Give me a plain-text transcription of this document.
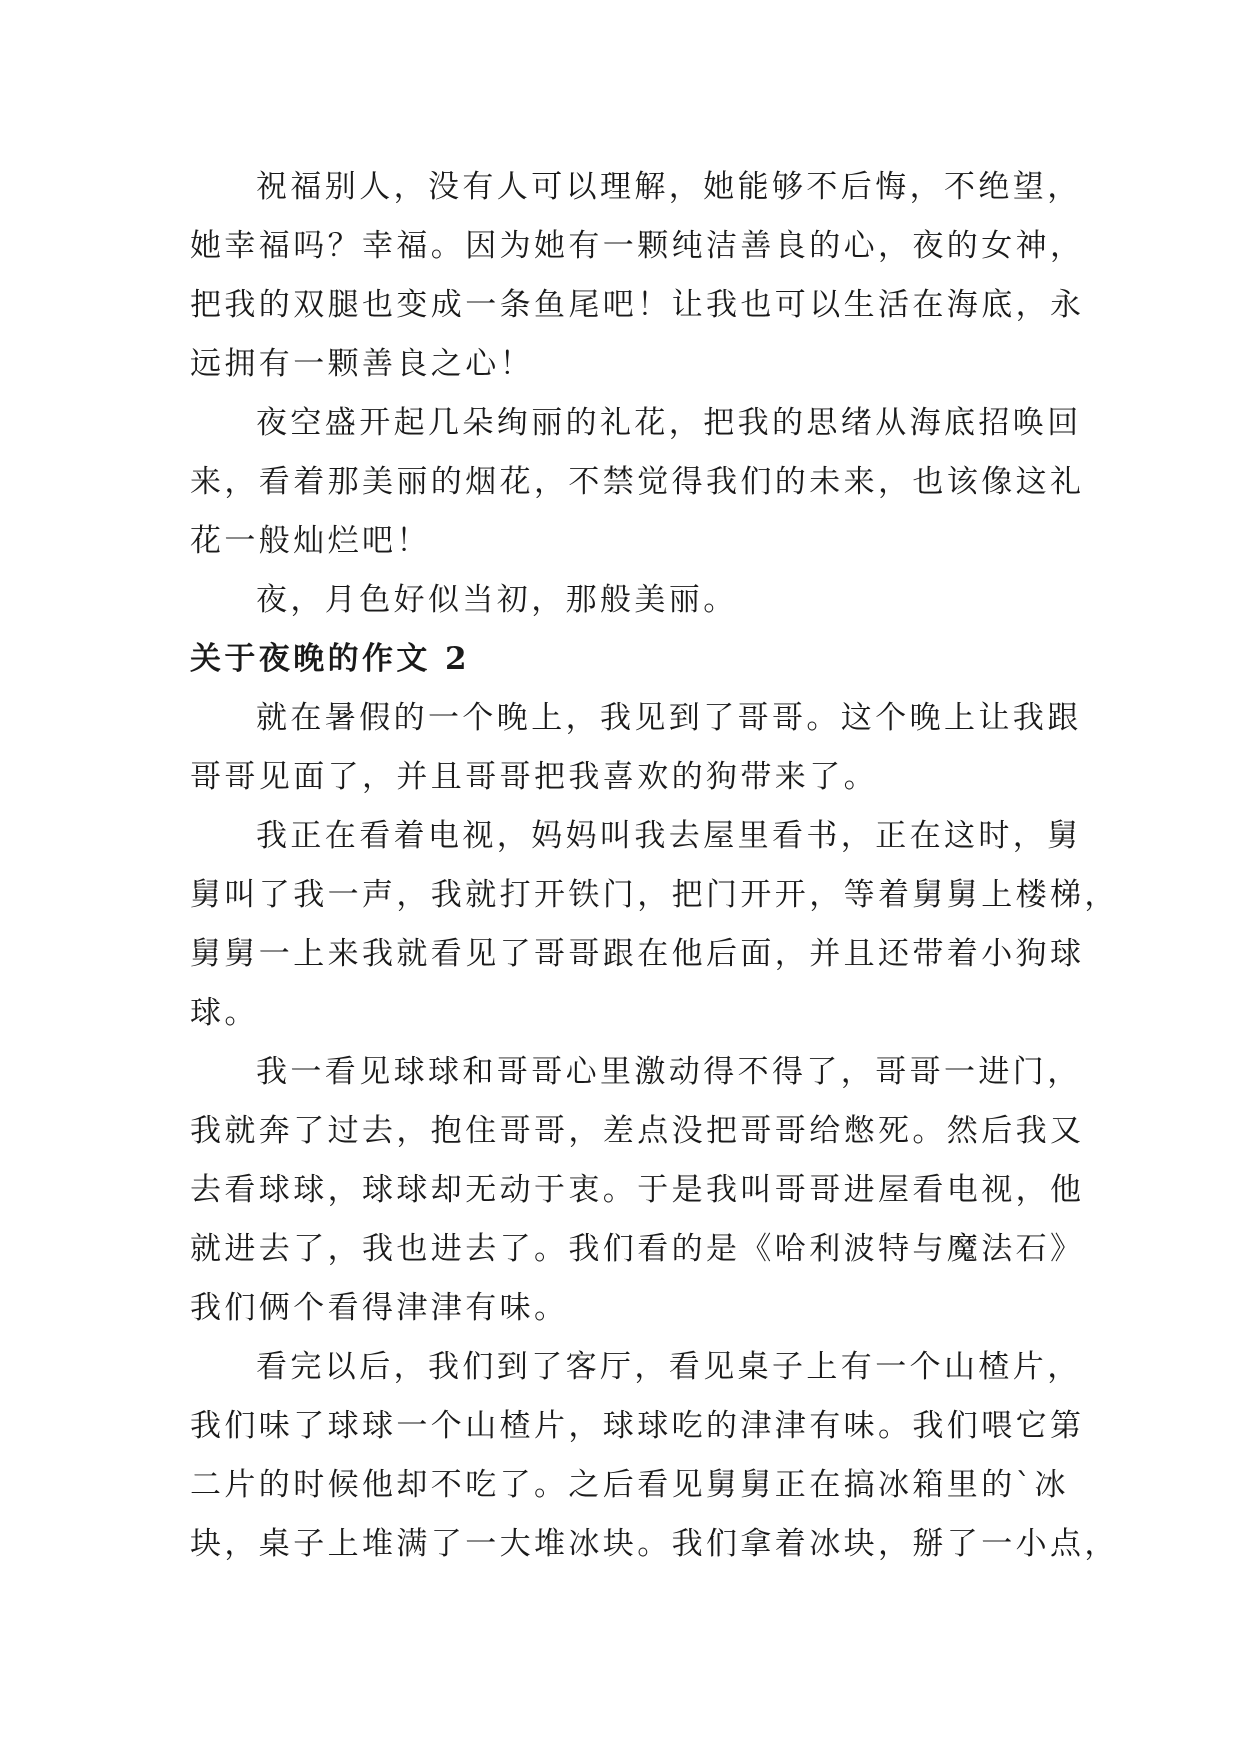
祝福别人，没有人可以理解，她能够不后悔，不绝望，

她幸福吗？幸福。因为她有一颗纯洁善良的心，夜的女神，

把我的双腿也变成一条鱼尾吧！让我也可以生活在海底，永

远拥有一颗善良之心！

夜空盛开起几朵绚丽的礼花，把我的思绪从海底招唤回

来，看着那美丽的烟花，不禁觉得我们的未来，也该像这礼

花一般灿烂吧！

夜，月色好似当初，那般美丽。

关于夜晚的作文 2

就在暑假的一个晚上，我见到了哥哥。这个晚上让我跟

哥哥见面了，并且哥哥把我喜欢的狗带来了。

我正在看着电视，妈妈叫我去屋里看书，正在这时，舅

舅叫了我一声，我就打开铁门，把门开开，等着舅舅上楼梯，

舅舅一上来我就看见了哥哥跟在他后面，并且还带着小狗球

球。

我一看见球球和哥哥心里激动得不得了，哥哥一进门，

我就奔了过去，抱住哥哥，差点没把哥哥给憋死。然后我又

去看球球，球球却无动于衷。于是我叫哥哥进屋看电视，他

就进去了，我也进去了。我们看的是《哈利波特与魔法石》

我们俩个看得津津有味。

看完以后，我们到了客厅，看见桌子上有一个山楂片，

我们味了球球一个山楂片，球球吃的津津有味。我们喂它第

二片的时候他却不吃了。之后看见舅舅正在搞冰箱里的`冰

块，桌子上堆满了一大堆冰块。我们拿着冰块，掰了一小点，
